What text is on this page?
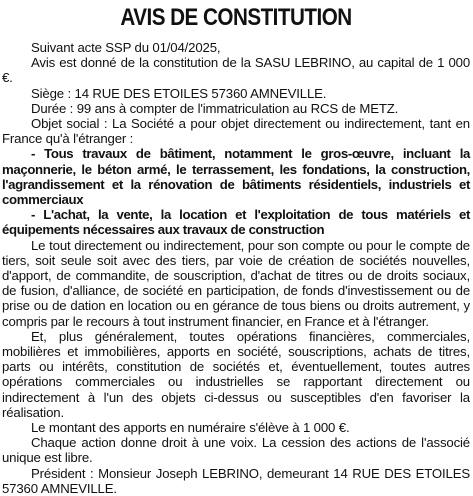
AVIS DE CONSTITUTION

Suivant acte SSP du 01/04/2025,

Avis est donné de la constitution de la SASU LEBRINO, au capital de 1 000 €.

Siège : 14 RUE DES ETOILES 57360 AMNEVILLE.

Durée : 99 ans à compter de l'immatriculation au RCS de METZ.

Objet social : La Société a pour objet directement ou indirectement, tant en France qu'à l'étranger :

- Tous travaux de bâtiment, notamment le gros-œuvre, incluant la maçonnerie, le béton armé, le terrassement, les fondations, la construction, l'agrandissement et la rénovation de bâtiments résidentiels, industriels et commerciaux

- L'achat, la vente, la location et l'exploitation de tous matériels et équipements nécessaires aux travaux de construction

Le tout directement ou indirectement, pour son compte ou pour le compte de tiers, soit seule soit avec des tiers, par voie de création de sociétés nouvelles, d'apport, de commandite, de souscription, d'achat de titres ou de droits sociaux, de fusion, d'alliance, de société en participation, de fonds d'investissement ou de prise ou de dation en location ou en gérance de tous biens ou droits autrement, y compris par le recours à tout instrument financier, en France et à l'étranger.

Et, plus généralement, toutes opérations financières, commerciales, mobilières et immobilières, apports en société, souscriptions, achats de titres, parts ou intérêts, constitution de sociétés et, éventuellement, toutes autres opérations commerciales ou industrielles se rapportant directement ou indirectement à l'un des objets ci-dessus ou susceptibles d'en favoriser la réalisation.

Le montant des apports en numéraire s'élève à 1 000 €.

Chaque action donne droit à une voix. La cession des actions de l'associé unique est libre.

Président : Monsieur Joseph LEBRINO, demeurant 14 RUE DES ETOILES 57360 AMNEVILLE.
